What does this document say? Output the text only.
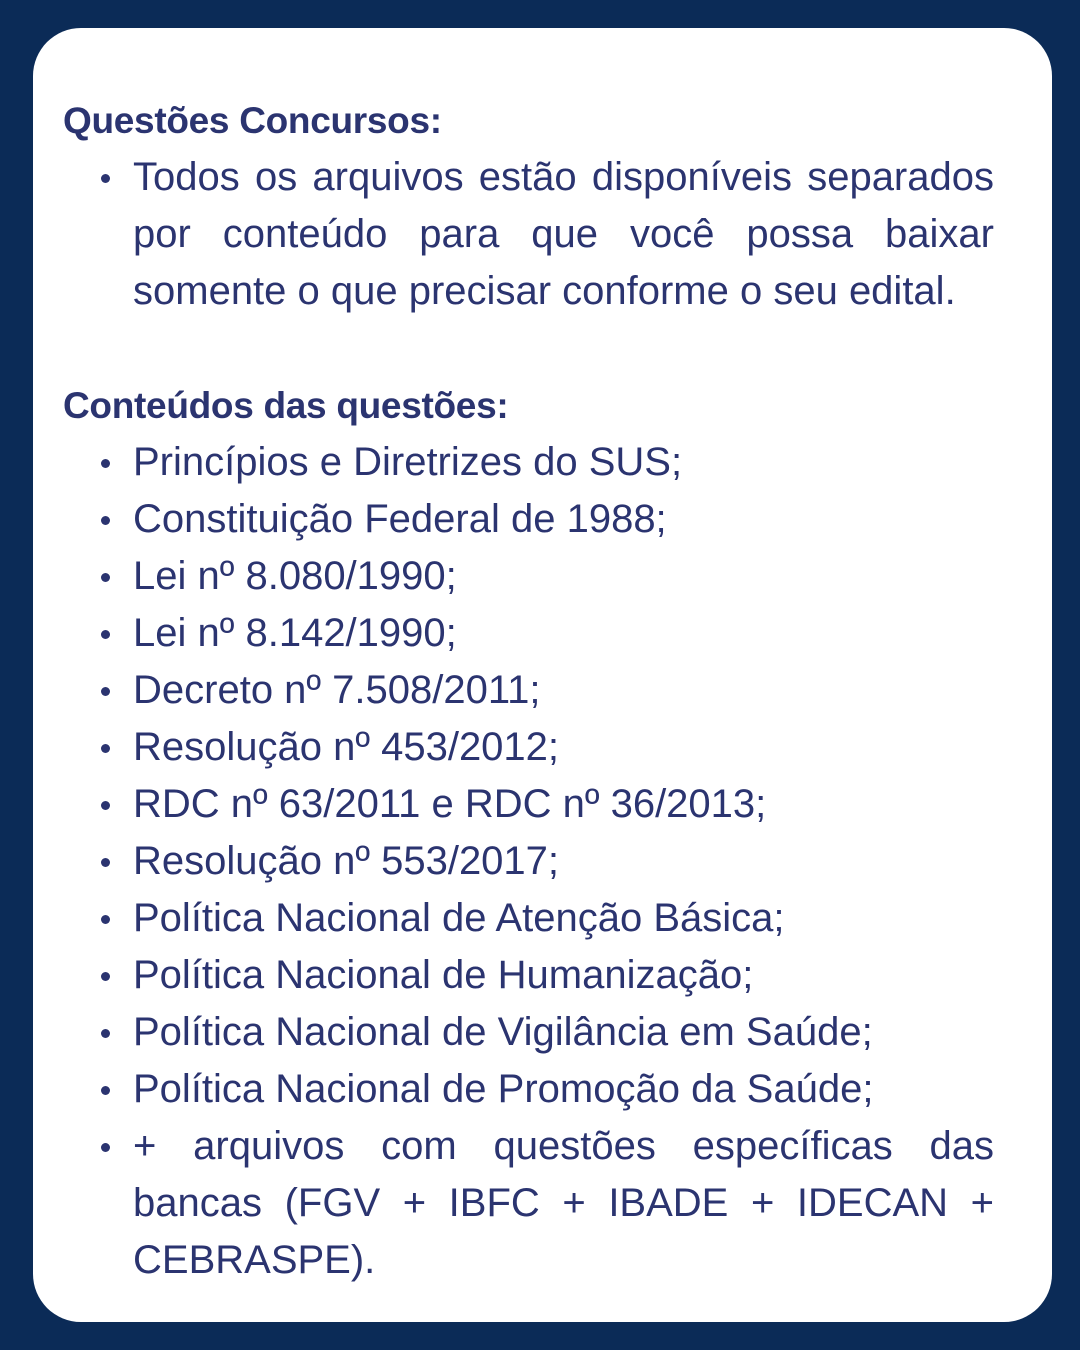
Questões Concursos:
Todos os arquivos estão disponíveis separados por conteúdo para que você possa baixar somente o que precisar conforme o seu edital.
Conteúdos das questões:
Princípios e Diretrizes do SUS;
Constituição Federal de 1988;
Lei nº 8.080/1990;
Lei nº 8.142/1990;
Decreto nº 7.508/2011;
Resolução nº 453/2012;
RDC nº 63/2011 e RDC nº 36/2013;
Resolução nº 553/2017;
Política Nacional de Atenção Básica;
Política Nacional de Humanização;
Política Nacional de Vigilância em Saúde;
Política Nacional de Promoção da Saúde;
+ arquivos com questões específicas das bancas (FGV + IBFC + IBADE + IDECAN + CEBRASPE).
